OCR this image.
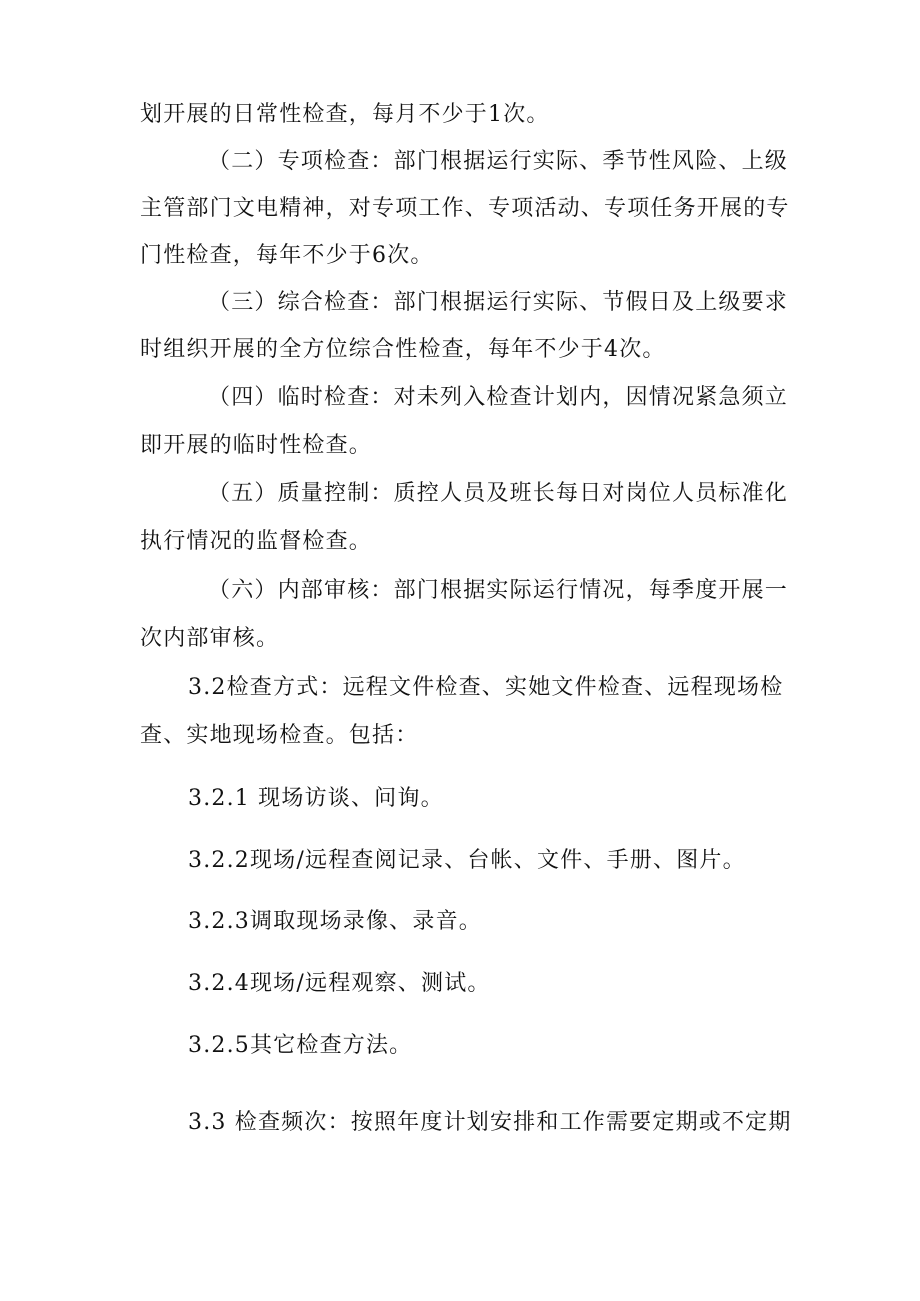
划开展的日常性检查，每月不少于1次。
（二）专项检查：部门根据运行实际、季节性风险、上级
主管部门文电精神，对专项工作、专项活动、专项任务开展的专
门性检查，每年不少于6次。
（三）综合检查：部门根据运行实际、节假日及上级要求
时组织开展的全方位综合性检查，每年不少于4次。
（四）临时检查：对未列入检查计划内，因情况紧急须立
即开展的临时性检查。
（五）质量控制：质控人员及班长每日对岗位人员标准化
执行情况的监督检查。
（六）内部审核：部门根据实际运行情况，每季度开展一
次内部审核。
3.2检查方式：远程文件检查、实她文件检查、远程现场检
查、实地现场检查。包括：
3.2.1 现场访谈、问询。
3.2.2现场/远程查阅记录、台帐、文件、手册、图片。
3.2.3调取现场录像、录音。
3.2.4现场/远程观察、测试。
3.2.5其它检查方法。
3.3 检查频次：按照年度计划安排和工作需要定期或不定期
